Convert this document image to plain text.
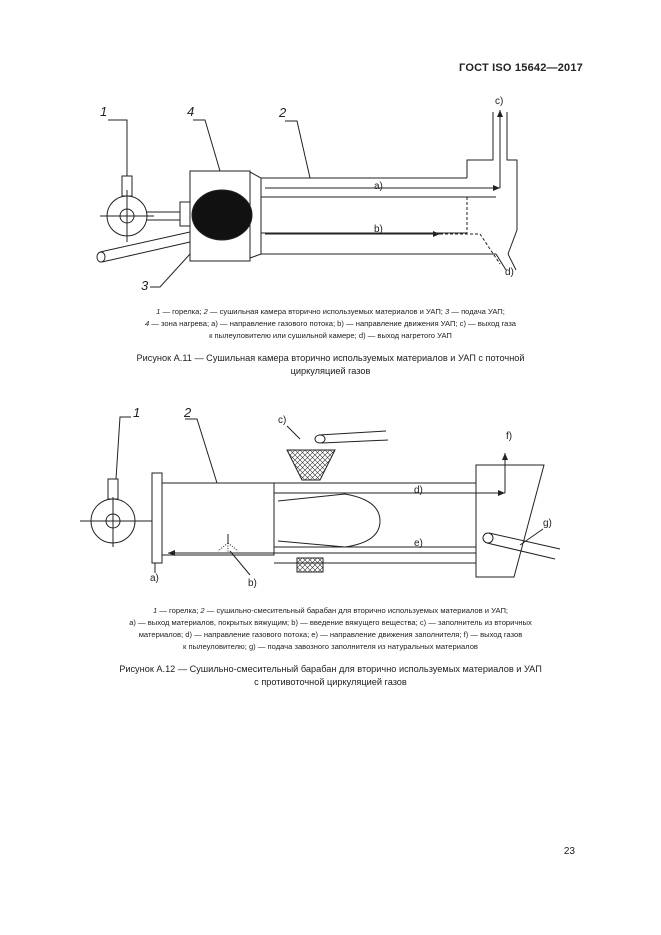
ГОСТ ISO 15642—2017
1	4	2
3
a)
b)
c)
d)

1 — горелка; 2 — сушильная камера вторично используемых материалов и УАП; 3 — подача УАП;

4 — зона нагрева; a) — направление газового потока; b) — направление движения УАП; c) — выход газа

к пылеуловителю или сушильной камере; d) — выход нагретого УАП

Рисунок А.11 — Сушильная камера вторично используемых материалов и УАП с поточной

циркуляцией газов

1	2
c)
d)
e)
f)
g)
a)	b)

1 — горелка; 2 — сушильно-смесительный барабан для вторично используемых материалов и УАП;

a) — выход материалов, покрытых вяжущим; b) — введение вяжущего вещества; c) — заполнитель из вторичных

материалов; d) — направление газового потока; e) — направление движения заполнителя; f) — выход газов

к пылеуловителю; g) — подача завозного заполнителя из натуральных материалов

Рисунок А.12 — Сушильно-смесительный барабан для вторично используемых материалов и УАП

с противоточной циркуляцией газов

23
